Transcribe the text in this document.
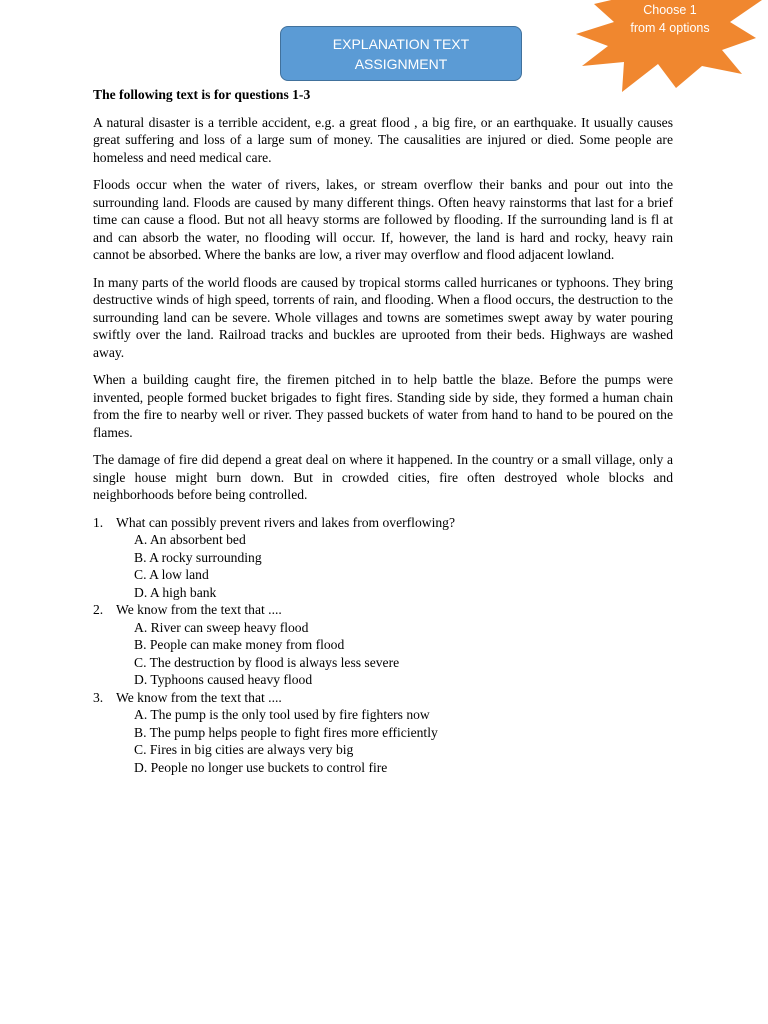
EXPLANATION TEXT ASSIGNMENT
Choose 1 from 4 options

The following text is for questions 1-3

A natural disaster is a terrible accident, e.g. a great flood , a big fire, or an earthquake. It usually causes great suffering and loss of a large sum of money. The causalities are injured or died. Some people are homeless and need medical care.

Floods occur when the water of rivers, lakes, or stream overflow their banks and pour out into the surrounding land. Floods are caused by many different things. Often heavy rainstorms that last for a brief time can cause a flood. But not all heavy storms are followed by flooding. If the surrounding land is fl at and can absorb the water, no flooding will occur. If, however, the land is hard and rocky, heavy rain cannot be absorbed. Where the banks are low, a river may overflow and flood adjacent lowland.

In many parts of the world floods are caused by tropical storms called hurricanes or typhoons. They bring destructive winds of high speed, torrents of rain, and flooding. When a flood occurs, the destruction to the surrounding land can be severe. Whole villages and towns are sometimes swept away by water pouring swiftly over the land. Railroad tracks and buckles are uprooted from their beds. Highways are washed away.

When a building caught fire, the firemen pitched in to help battle the blaze. Before the pumps were invented, people formed bucket brigades to fight fires. Standing side by side, they formed a human chain from the fire to nearby well or river. They passed buckets of water from hand to hand to be poured on the flames.

The damage of fire did depend a great deal on where it happened. In the country or a small village, only a single house might burn down. But in crowded cities, fire often destroyed whole blocks and neighborhoods before being controlled.

1. What can possibly prevent rivers and lakes from overflowing?
A. An absorbent bed
B. A rocky surrounding
C. A low land
D. A high bank
2. We know from the text that ....
A. River can sweep heavy flood
B. People can make money from flood
C. The destruction by flood is always less severe
D. Typhoons caused heavy flood
3. We know from the text that ....
A. The pump is the only tool used by fire fighters now
B. The pump helps people to fight fires more efficiently
C. Fires in big cities are always very big
D. People no longer use buckets to control fire
